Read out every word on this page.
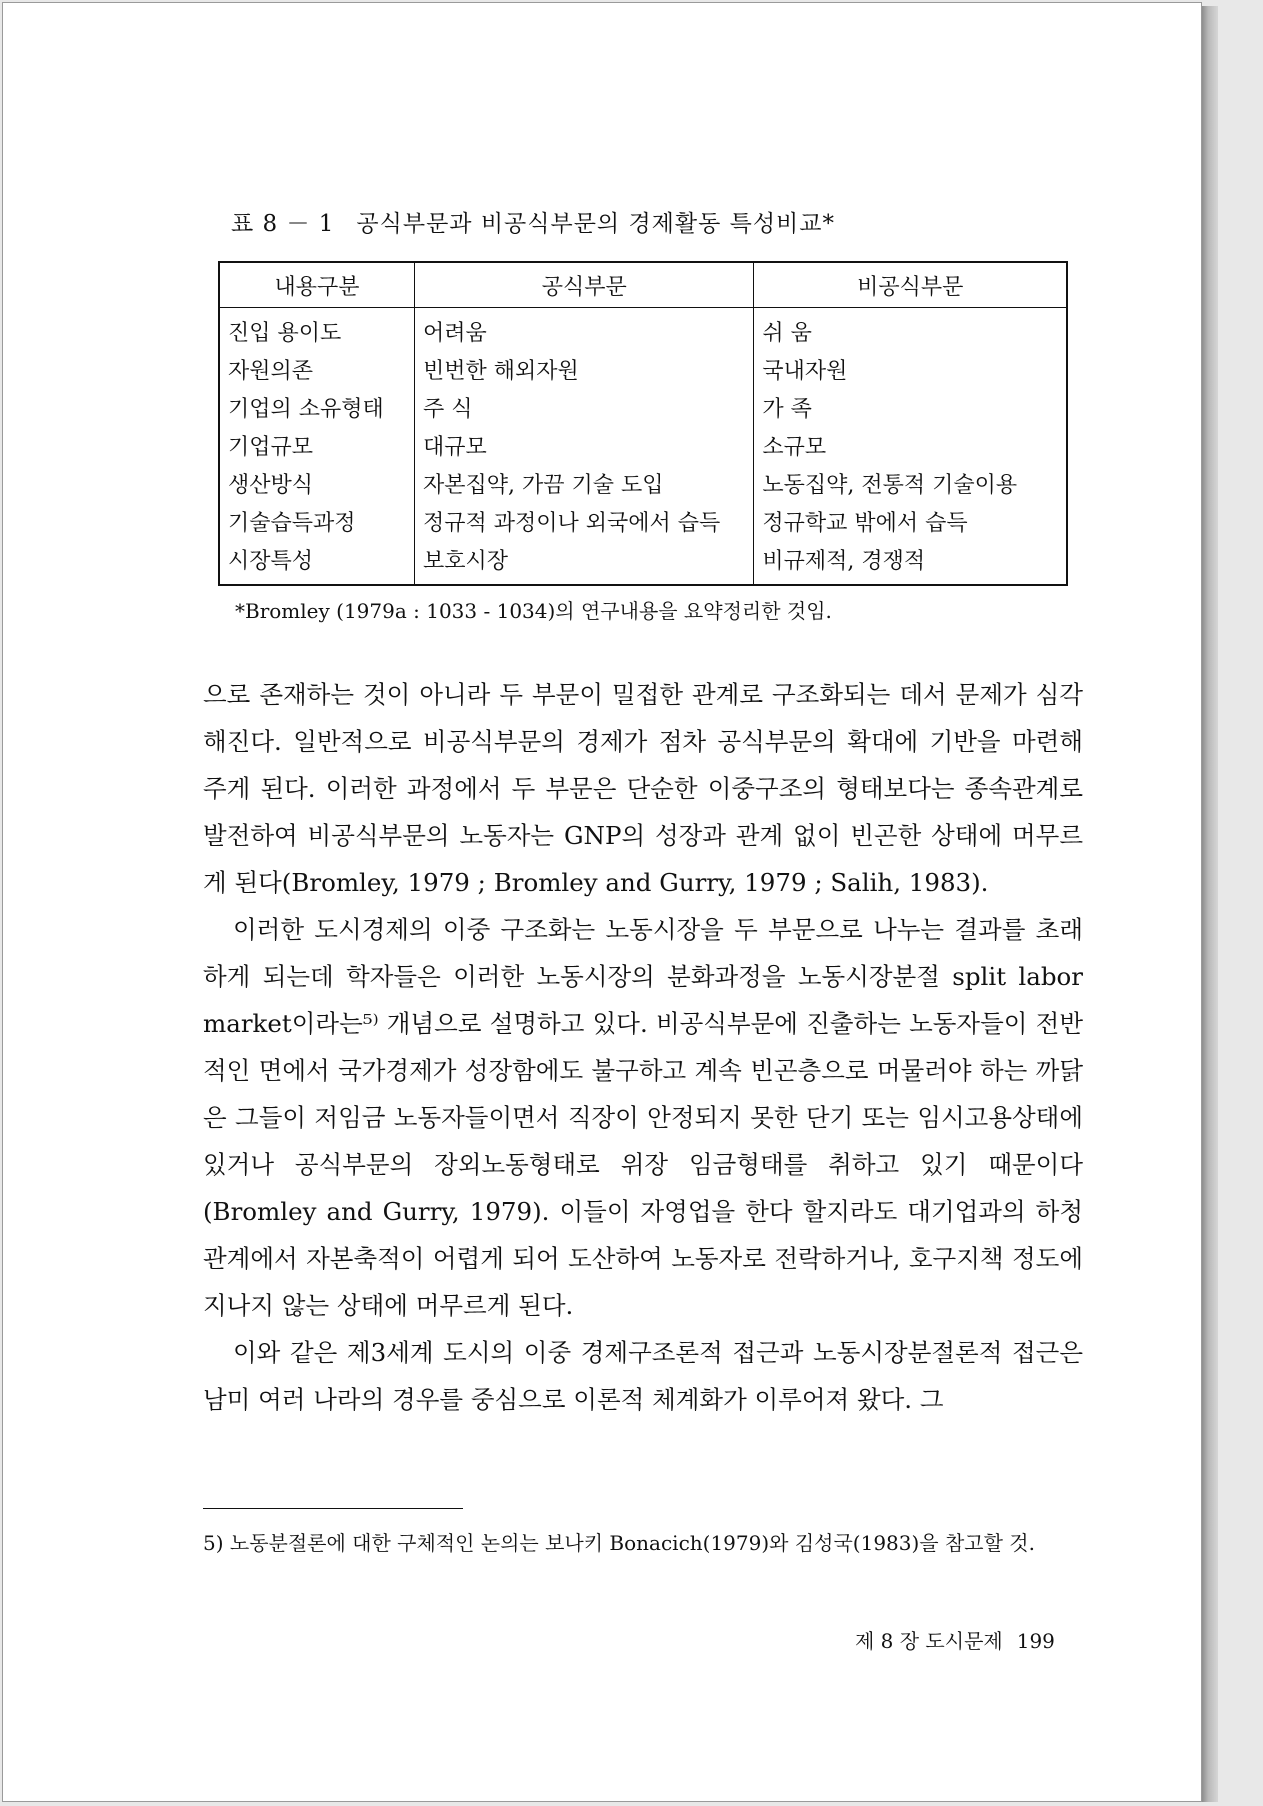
표 8 － 1 공식부문과 비공식부문의 경제활동 특성비교*
내용구분	공식부문	비공식부문
진입 용이도	어려움	쉬 움
자원의존	빈번한 해외자원	국내자원
기업의 소유형태	주 식	가 족
기업규모	대규모	소규모
생산방식	자본집약, 가끔 기술 도입	노동집약, 전통적 기술이용
기술습득과정	정규적 과정이나 외국에서 습득	정규학교 밖에서 습득
시장특성	보호시장	비규제적, 경쟁적
*Bromley (1979a : 1033 - 1034)의 연구내용을 요약정리한 것임.

으로 존재하는 것이 아니라 두 부문이 밀접한 관계로 구조화되는 데서 문제가 심각해진다. 일반적으로 비공식부문의 경제가 점차 공식부문의 확대에 기반을 마련해 주게 된다. 이러한 과정에서 두 부문은 단순한 이중구조의 형태보다는 종속관계로 발전하여 비공식부문의 노동자는 GNP의 성장과 관계 없이 빈곤한 상태에 머무르게 된다(Bromley, 1979 ; Bromley and Gurry, 1979 ; Salih, 1983).

이러한 도시경제의 이중 구조화는 노동시장을 두 부문으로 나누는 결과를 초래하게 되는데 학자들은 이러한 노동시장의 분화과정을 노동시장분절 split labor market이라는⁵⁾ 개념으로 설명하고 있다. 비공식부문에 진출하는 노동자들이 전반적인 면에서 국가경제가 성장함에도 불구하고 계속 빈곤층으로 머물러야 하는 까닭은 그들이 저임금 노동자들이면서 직장이 안정되지 못한 단기 또는 임시고용상태에 있거나 공식부문의 장외노동형태로 위장 임금형태를 취하고 있기 때문이다(Bromley and Gurry, 1979). 이들이 자영업을 한다 할지라도 대기업과의 하청관계에서 자본축적이 어렵게 되어 도산하여 노동자로 전락하거나, 호구지책 정도에 지나지 않는 상태에 머무르게 된다.

이와 같은 제3세계 도시의 이중 경제구조론적 접근과 노동시장분절론적 접근은 남미 여러 나라의 경우를 중심으로 이론적 체계화가 이루어져 왔다. 그

5) 노동분절론에 대한 구체적인 논의는 보나키 Bonacich(1979)와 김성국(1983)을 참고할 것.
제 8 장 도시문제 199
